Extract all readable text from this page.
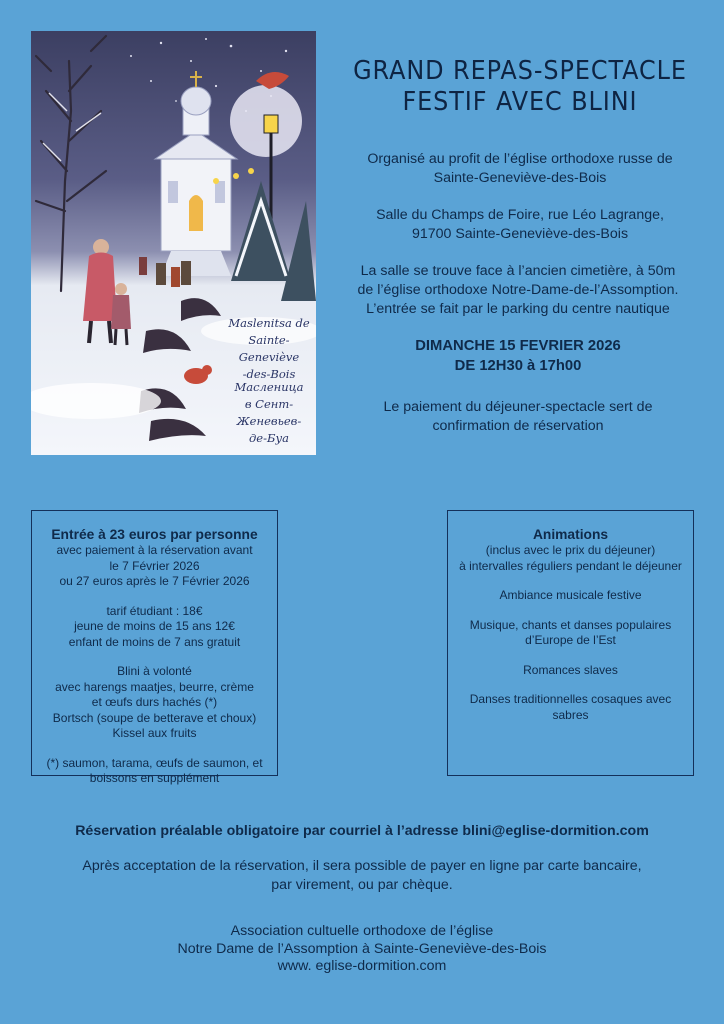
Maslenitsa de
Sainte-Geneviève
-des-Bois
Масленица
в Сент-Женевьев-
де-Буа
GRAND REPAS-SPECTACLE
FESTIF AVEC BLINI
Organisé au profit de l’église orthodoxe russe de
Sainte-Geneviève-des-Bois
Salle du Champs de Foire, rue Léo Lagrange,
91700 Sainte-Geneviève-des-Bois
La salle se trouve face à l’ancien cimetière, à 50m
de l’église orthodoxe Notre-Dame-de-l’Assomption.
L’entrée se fait par le parking du centre nautique
DIMANCHE 15 FEVRIER 2026
DE 12H30 à 17h00
Le paiement du déjeuner-spectacle sert de
confirmation de réservation
Entrée à 23 euros par personne

avec paiement à la réservation avant

le 7 Février 2026

ou 27 euros après le 7 Février 2026

tarif étudiant : 18€

jeune de moins de 15 ans 12€

enfant de moins de 7 ans gratuit

Blini à volonté

avec harengs maatjes, beurre, crème

et œufs durs hachés (*)

Bortsch (soupe de betterave et choux)

Kissel aux fruits

(*) saumon, tarama, œufs de saumon, et

boissons en supplément

Animations

(inclus avec le prix du déjeuner)

à intervalles réguliers pendant le déjeuner

Ambiance musicale festive

Musique, chants et danses populaires

d’Europe de l’Est

Romances slaves

Danses traditionnelles cosaques avec

sabres

Réservation préalable obligatoire par courriel à l’adresse blini@eglise-dormition.com
Après acceptation de la réservation, il sera possible de payer en ligne par carte bancaire,
par virement, ou par chèque.
Association cultuelle orthodoxe de l’église
Notre Dame de l’Assomption à Sainte-Geneviève-des-Bois
www. eglise-dormition.com
